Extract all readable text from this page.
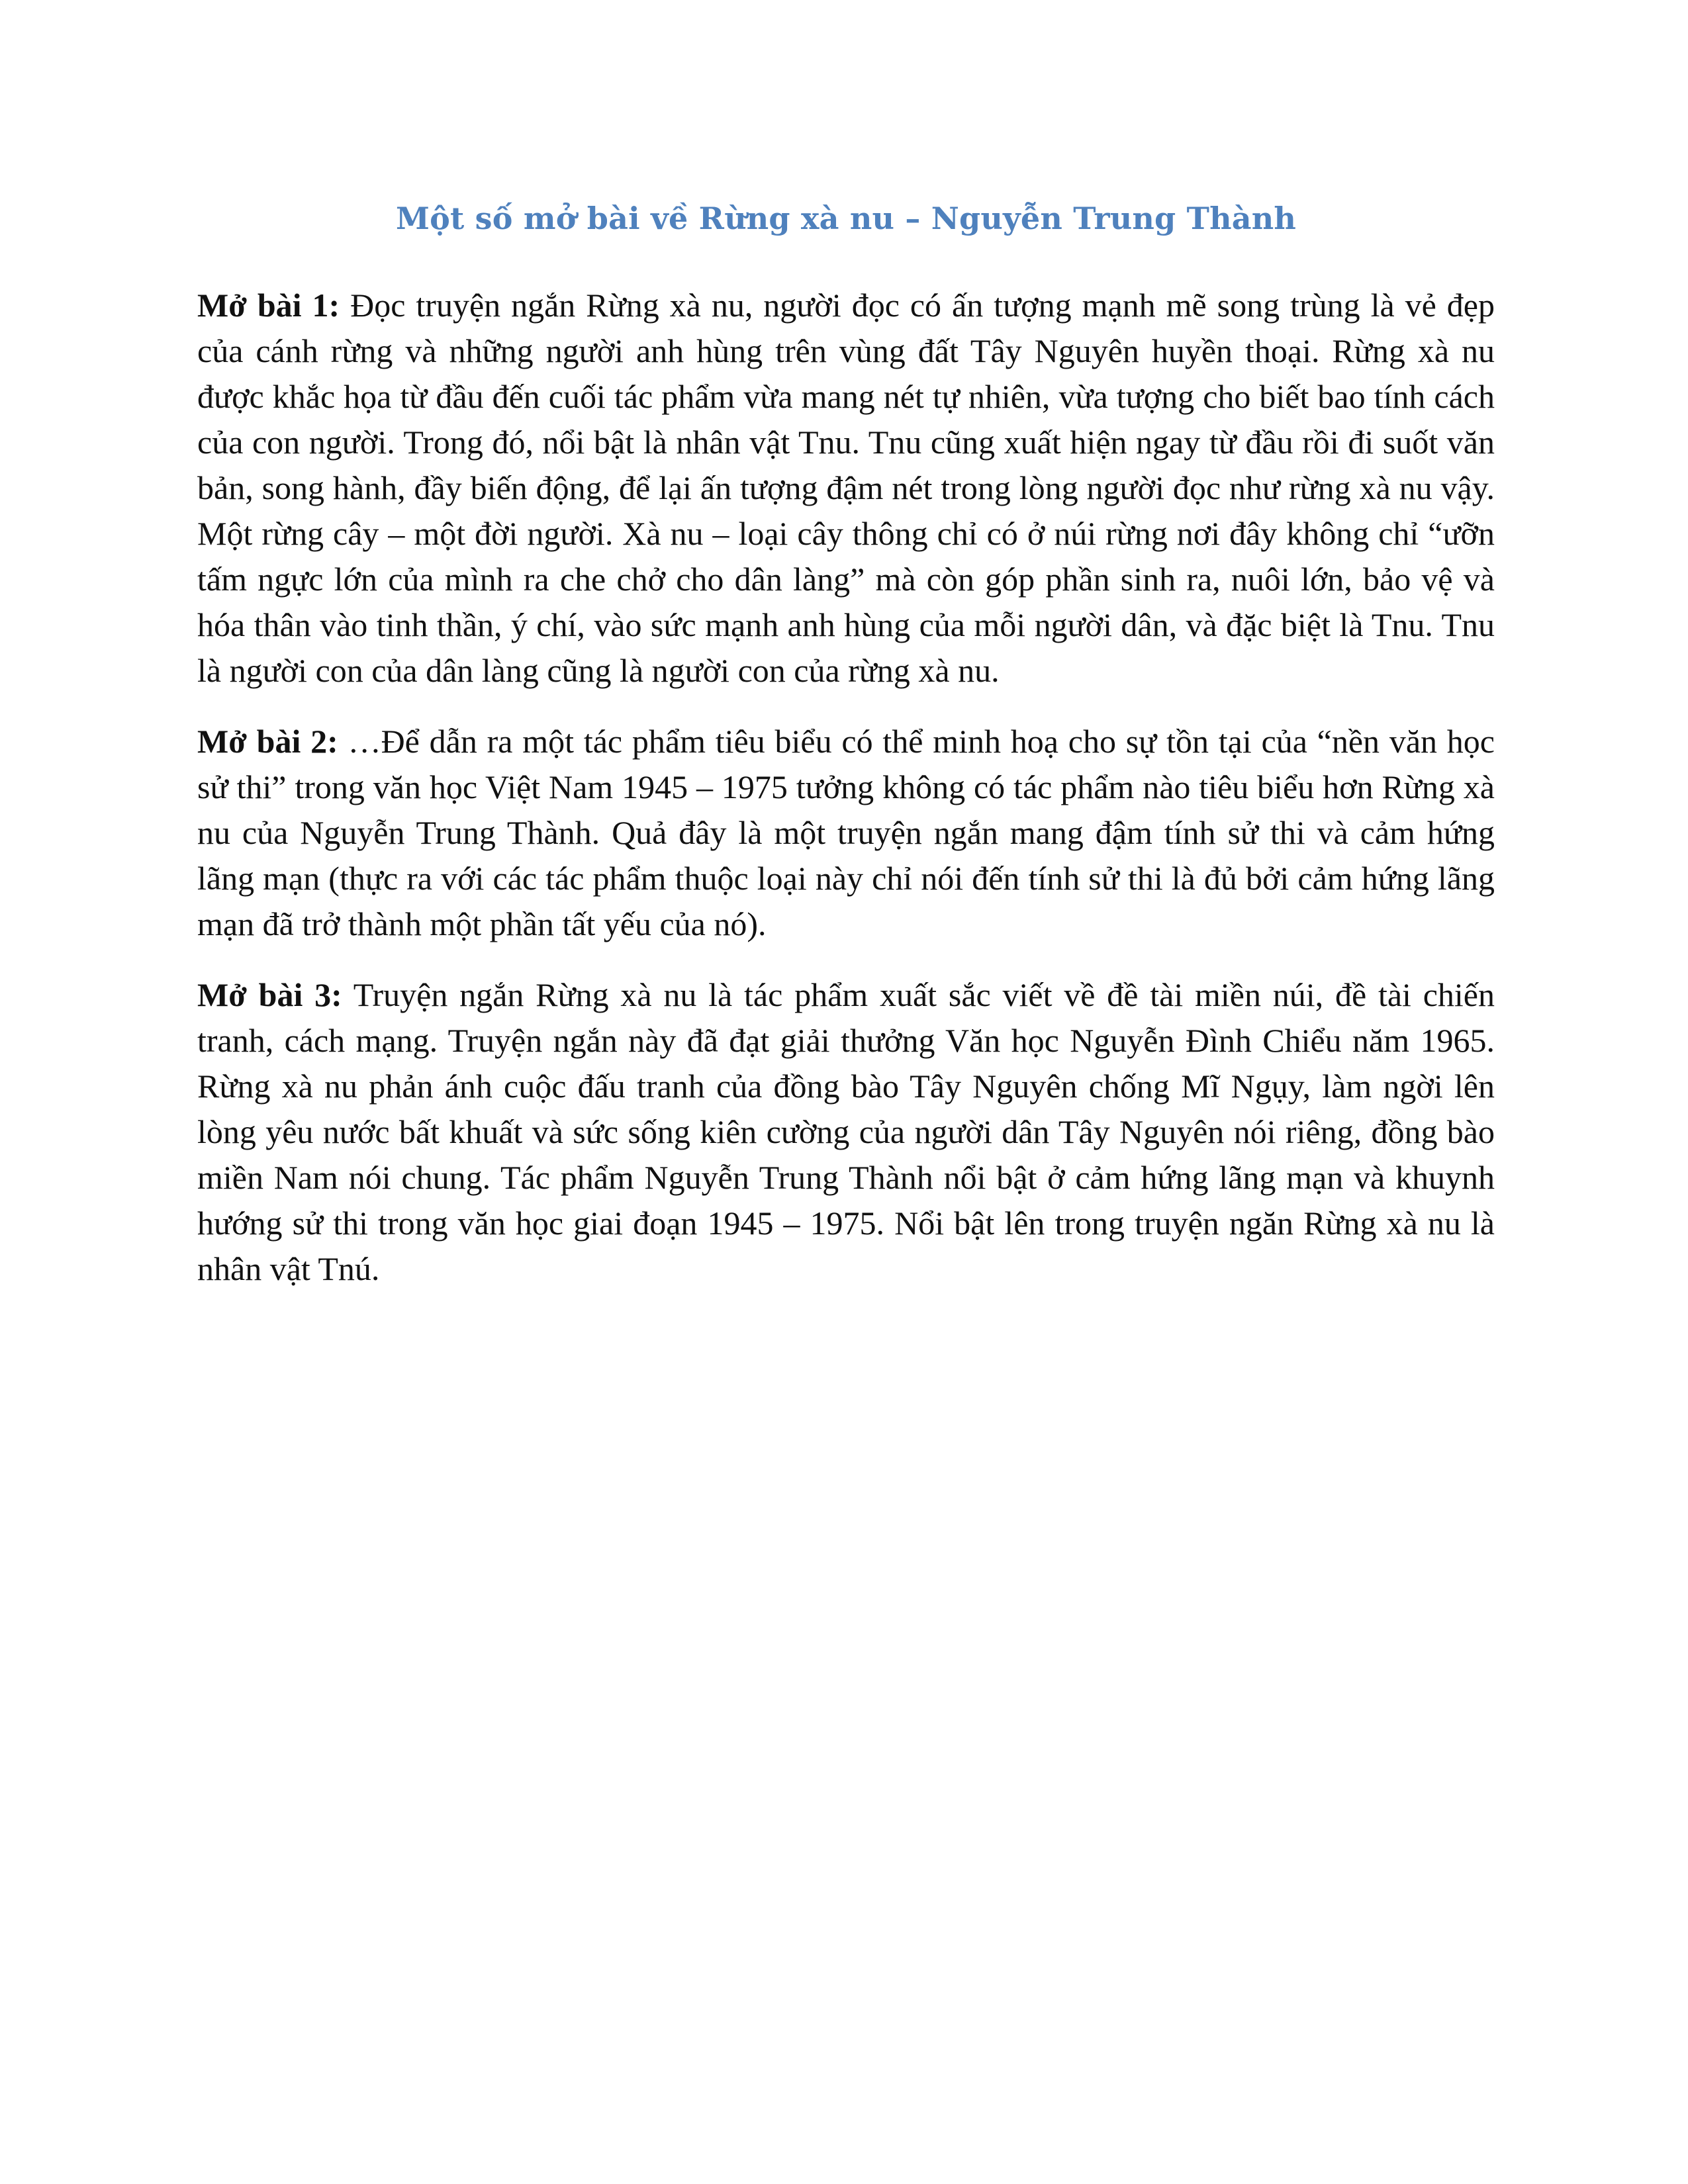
Một số mở bài về Rừng xà nu – Nguyễn Trung Thành

Mở bài 1: Đọc truyện ngắn Rừng xà nu, người đọc có ấn tượng mạnh mẽ song trùng là vẻ đẹp của cánh rừng và những người anh hùng trên vùng đất Tây Nguyên huyền thoại. Rừng xà nu được khắc họa từ đầu đến cuối tác phẩm vừa mang nét tự nhiên, vừa tượng cho biết bao tính cách của con người. Trong đó, nổi bật là nhân vật Tnu. Tnu cũng xuất hiện ngay từ đầu rồi đi suốt văn bản, song hành, đầy biến động, để lại ấn tượng đậm nét trong lòng người đọc như rừng xà nu vậy. Một rừng cây – một đời người. Xà nu – loại cây thông chỉ có ở núi rừng nơi đây không chỉ “ưỡn tấm ngực lớn của mình ra che chở cho dân làng” mà còn góp phần sinh ra, nuôi lớn, bảo vệ và hóa thân vào tinh thần, ý chí, vào sức mạnh anh hùng của mỗi người dân, và đặc biệt là Tnu. Tnu là người con của dân làng cũng là người con của rừng xà nu.

Mở bài 2: …Để dẫn ra một tác phẩm tiêu biểu có thể minh hoạ cho sự tồn tại của “nền văn học sử thi” trong văn học Việt Nam 1945 – 1975 tưởng không có tác phẩm nào tiêu biểu hơn Rừng xà nu của Nguyễn Trung Thành. Quả đây là một truyện ngắn mang đậm tính sử thi và cảm hứng lãng mạn (thực ra với các tác phẩm thuộc loại này chỉ nói đến tính sử thi là đủ bởi cảm hứng lãng mạn đã trở thành một phần tất yếu của nó).

Mở bài 3: Truyện ngắn Rừng xà nu là tác phẩm xuất sắc viết về đề tài miền núi, đề tài chiến tranh, cách mạng. Truyện ngắn này đã đạt giải thưởng Văn học Nguyễn Đình Chiểu năm 1965. Rừng xà nu phản ánh cuộc đấu tranh của đồng bào Tây Nguyên chống Mĩ Ngụy, làm ngời lên lòng yêu nước bất khuất và sức sống kiên cường của người dân Tây Nguyên nói riêng, đồng bào miền Nam nói chung. Tác phẩm Nguyễn Trung Thành nổi bật ở cảm hứng lãng mạn và khuynh hướng sử thi trong văn học giai đoạn 1945 – 1975. Nổi bật lên trong truyện ngăn Rừng xà nu là nhân vật Tnú.
